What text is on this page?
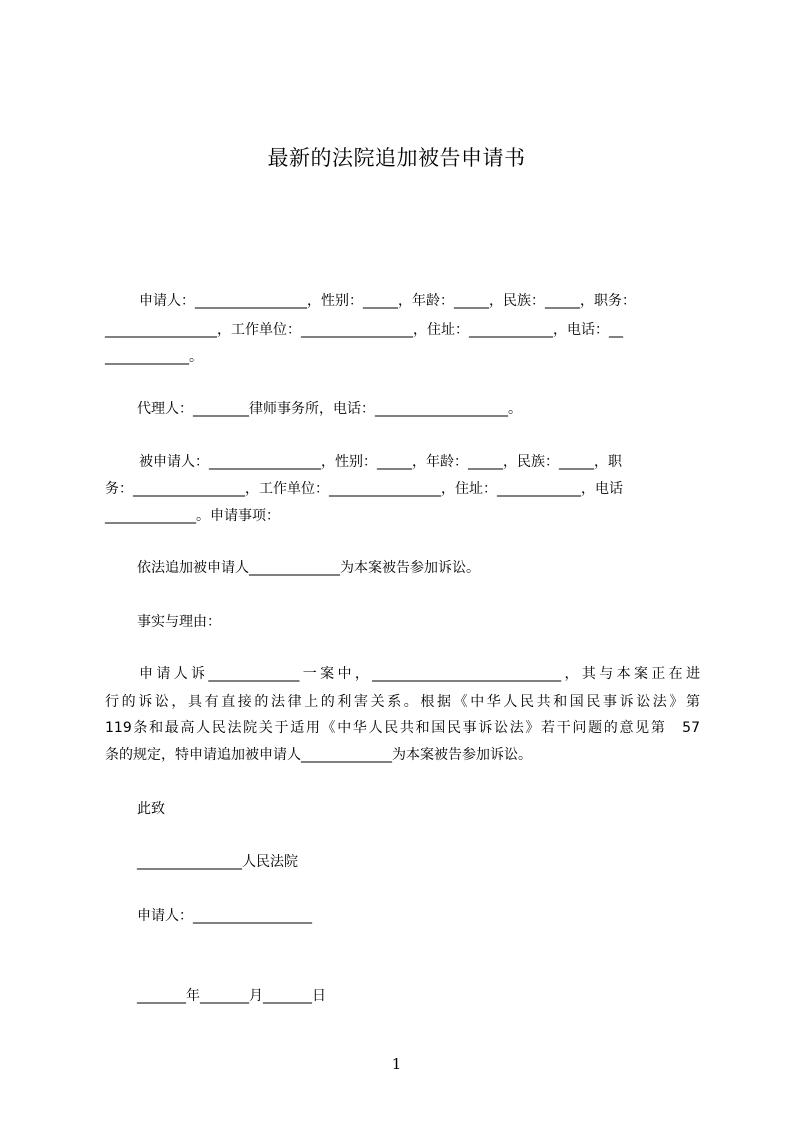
最新的法院追加被告申请书
申请人：________________，性别：_____，年龄：_____，民族：_____，职务：
________________，工作单位：________________，住址：____________，电话：__
____________。
代理人：________律师事务所，电话：___________________。
被申请人：________________，性别：_____，年龄：_____，民族：_____，职
务：________________，工作单位：________________，住址：____________，电话
_____________。申请事项：
依法追加被申请人_____________为本案被告参加诉讼。
事实与理由：
申请人诉_____________一案中，___________________________，其与本案正在进
行的诉讼，具有直接的法律上的利害关系。根据《中华人民共和国民事诉讼法》第
119条和最高人民法院关于适用《中华人民共和国民事诉讼法》若干问题的意见第　57
条的规定，特申请追加被申请人_____________为本案被告参加诉讼。
此致
_______________人民法院
申请人：_________________
_______年_______月_______日
1
